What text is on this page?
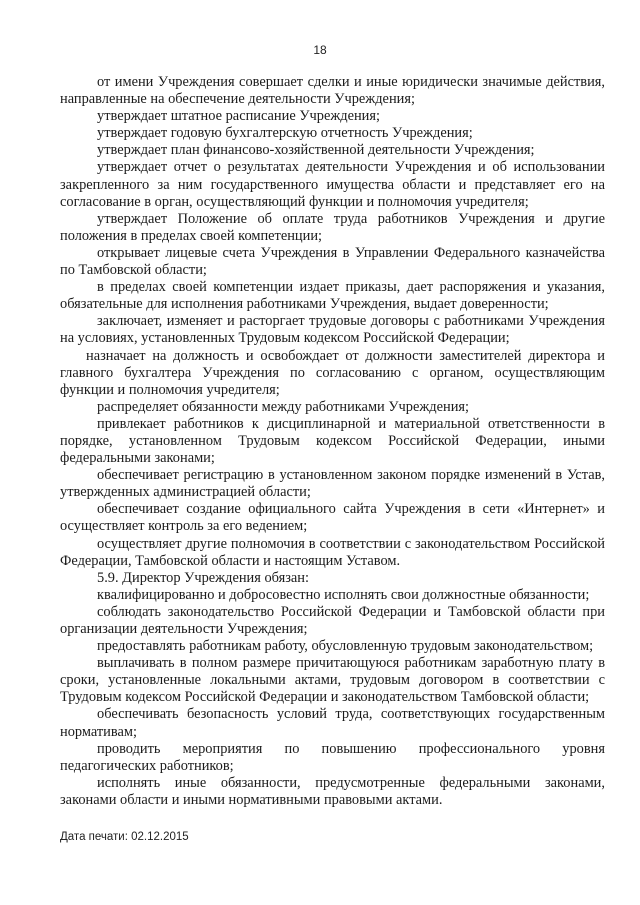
18

от имени Учреждения совершает сделки и иные юридически значимые действия, направленные на обеспечение деятельности Учреждения;

утверждает штатное расписание Учреждения;

утверждает годовую бухгалтерскую отчетность Учреждения;

утверждает план финансово-хозяйственной деятельности Учреждения;

утверждает отчет о результатах деятельности Учреждения и об использовании закрепленного за ним государственного имущества области и представляет его на согласование в орган, осуществляющий функции и полномочия учредителя;

утверждает Положение об оплате труда работников Учреждения и другие положения в пределах своей компетенции;

открывает лицевые счета Учреждения в Управлении Федерального казначейства по Тамбовской области;

в пределах своей компетенции издает приказы, дает распоряжения и указания, обязательные для исполнения работниками Учреждения, выдает доверенности;

заключает, изменяет и расторгает трудовые договоры с работниками Учреждения на условиях, установленных Трудовым кодексом Российской Федерации;

назначает на должность и освобождает от должности заместителей директора и главного бухгалтера Учреждения по согласованию с органом, осуществляющим функции и полномочия учредителя;

распределяет обязанности между работниками Учреждения;

привлекает работников к дисциплинарной и материальной ответственности в порядке, установленном Трудовым кодексом Российской Федерации, иными федеральными законами;

обеспечивает регистрацию в установленном законом порядке изменений в Устав, утвержденных администрацией области;

обеспечивает создание официального сайта Учреждения в сети «Интернет» и осуществляет контроль за его ведением;

осуществляет другие полномочия в соответствии с законодательством Российской Федерации, Тамбовской области и настоящим Уставом.

5.9. Директор Учреждения обязан:

квалифицированно и добросовестно исполнять свои должностные обязанности;

соблюдать законодательство Российской Федерации и Тамбовской области при организации деятельности Учреждения;

предоставлять работникам работу, обусловленную трудовым законодательством;

выплачивать в полном размере причитающуюся работникам заработную плату в сроки, установленные локальными актами, трудовым договором в соответствии с Трудовым кодексом Российской Федерации и законодательством Тамбовской области;

обеспечивать безопасность условий труда, соответствующих государственным нормативам;

проводить мероприятия по повышению профессионального уровня педагогических работников;

исполнять иные обязанности, предусмотренные федеральными законами, законами области и иными нормативными правовыми актами.

Дата печати: 02.12.2015
